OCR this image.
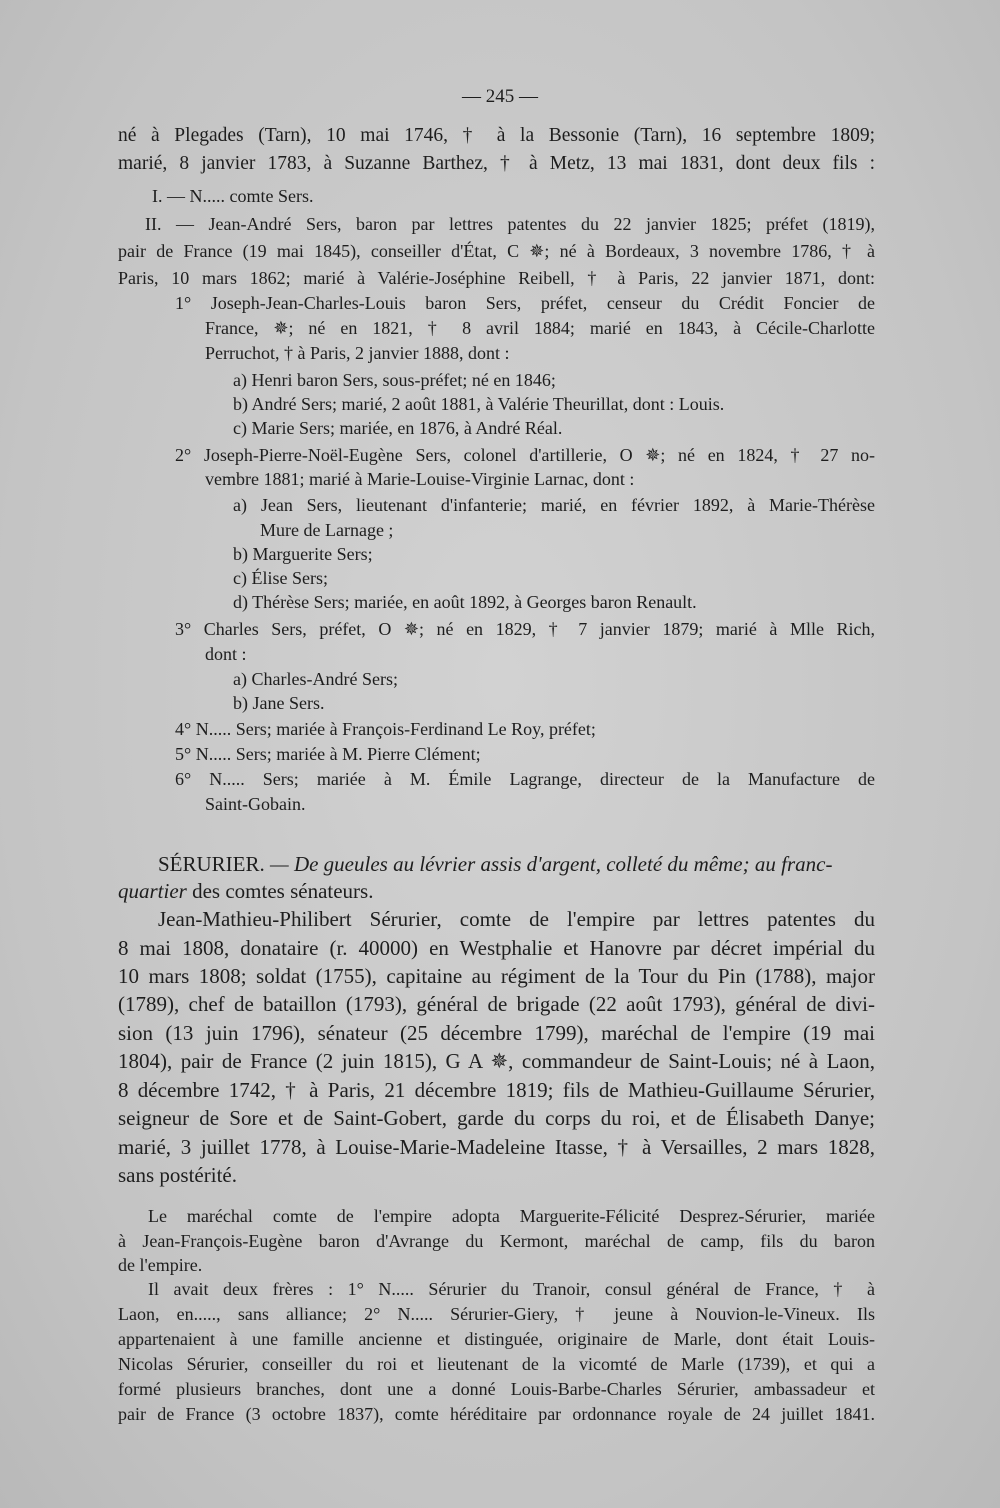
— 245 —
né à Plegades (Tarn), 10 mai 1746, † à la Bessonie (Tarn), 16 septembre 1809;
marié, 8 janvier 1783, à Suzanne Barthez, † à Metz, 13 mai 1831, dont deux fils :
I. — N..... comte Sers.
II. — Jean-André Sers, baron par lettres patentes du 22 janvier 1825; préfet (1819),
pair de France (19 mai 1845), conseiller d'État, C ✵; né à Bordeaux, 3 novembre 1786, † à
Paris, 10 mars 1862; marié à Valérie-Joséphine Reibell, † à Paris, 22 janvier 1871, dont:
1° Joseph-Jean-Charles-Louis baron Sers, préfet, censeur du Crédit Foncier de
France, ✵; né en 1821, † 8 avril 1884; marié en 1843, à Cécile-Charlotte
Perruchot, † à Paris, 2 janvier 1888, dont :
a) Henri baron Sers, sous-préfet; né en 1846;
b) André Sers; marié, 2 août 1881, à Valérie Theurillat, dont : Louis.
c) Marie Sers; mariée, en 1876, à André Réal.
2° Joseph-Pierre-Noël-Eugène Sers, colonel d'artillerie, O ✵; né en 1824, † 27 no-
vembre 1881; marié à Marie-Louise-Virginie Larnac, dont :
a) Jean Sers, lieutenant d'infanterie; marié, en février 1892, à Marie-Thérèse
Mure de Larnage ;
b) Marguerite Sers;
c) Élise Sers;
d) Thérèse Sers; mariée, en août 1892, à Georges baron Renault.
3° Charles Sers, préfet, O ✵; né en 1829, † 7 janvier 1879; marié à Mlle Rich,
dont :
a) Charles-André Sers;
b) Jane Sers.
4° N..... Sers; mariée à François-Ferdinand Le Roy, préfet;
5° N..... Sers; mariée à M. Pierre Clément;
6° N..... Sers; mariée à M. Émile Lagrange, directeur de la Manufacture de
Saint-Gobain.
SÉRURIER. — De gueules au lévrier assis d'argent, colleté du même; au franc-
quartier des comtes sénateurs.
Jean-Mathieu-Philibert Sérurier, comte de l'empire par lettres patentes du
8 mai 1808, donataire (r. 40000) en Westphalie et Hanovre par décret impérial du
10 mars 1808; soldat (1755), capitaine au régiment de la Tour du Pin (1788), major
(1789), chef de bataillon (1793), général de brigade (22 août 1793), général de divi-
sion (13 juin 1796), sénateur (25 décembre 1799), maréchal de l'empire (19 mai
1804), pair de France (2 juin 1815), G A ✵, commandeur de Saint-Louis; né à Laon,
8 décembre 1742, † à Paris, 21 décembre 1819; fils de Mathieu-Guillaume Sérurier,
seigneur de Sore et de Saint-Gobert, garde du corps du roi, et de Élisabeth Danye;
marié, 3 juillet 1778, à Louise-Marie-Madeleine Itasse, † à Versailles, 2 mars 1828,
sans postérité.
Le maréchal comte de l'empire adopta Marguerite-Félicité Desprez-Sérurier, mariée
à Jean-François-Eugène baron d'Avrange du Kermont, maréchal de camp, fils du baron
de l'empire.
Il avait deux frères : 1° N..... Sérurier du Tranoir, consul général de France, † à
Laon, en....., sans alliance; 2° N..... Sérurier-Giery, † jeune à Nouvion-le-Vineux. Ils
appartenaient à une famille ancienne et distinguée, originaire de Marle, dont était Louis-
Nicolas Sérurier, conseiller du roi et lieutenant de la vicomté de Marle (1739), et qui a
formé plusieurs branches, dont une a donné Louis-Barbe-Charles Sérurier, ambassadeur et
pair de France (3 octobre 1837), comte héréditaire par ordonnance royale de 24 juillet 1841.
